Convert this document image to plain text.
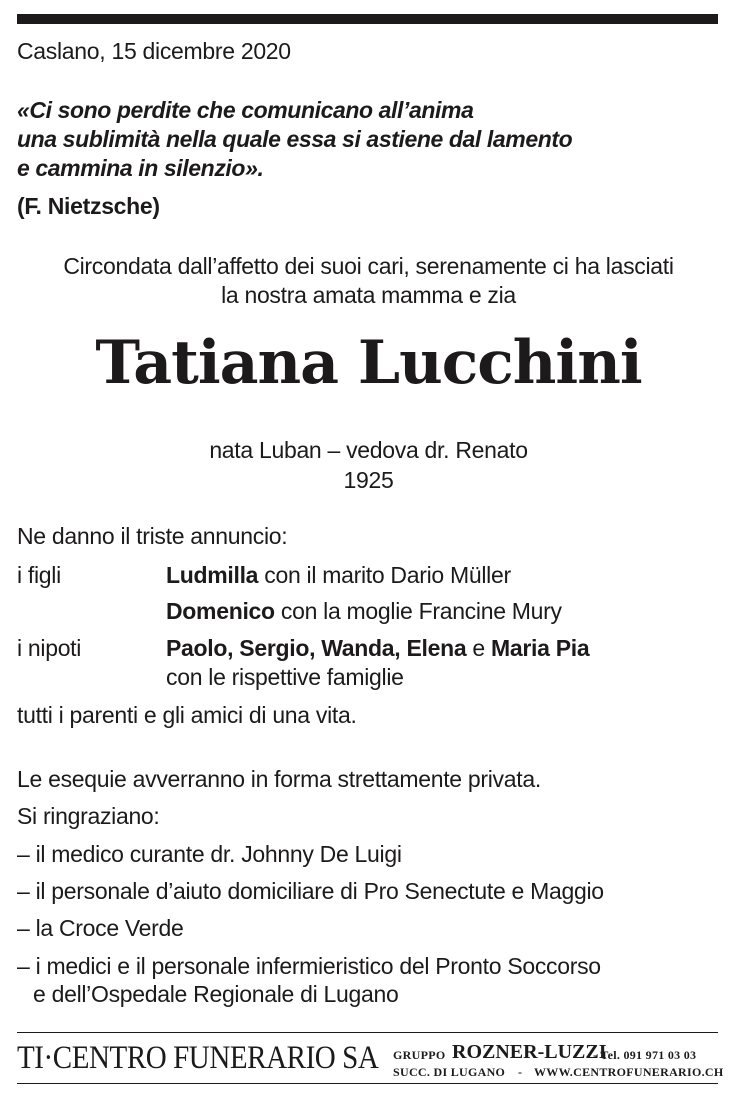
Caslano, 15 dicembre 2020
«Ci sono perdite che comunicano all’anima
una sublimità nella quale essa si astiene dal lamento
e cammina in silenzio».
(F. Nietzsche)
Circondata dall’affetto dei suoi cari, serenamente ci ha lasciati
la nostra amata mamma e zia
Tatiana Lucchini
nata Luban – vedova dr. Renato
1925
Ne danno il triste annuncio:
i figli	Ludmilla con il marito Dario Müller
Domenico con la moglie Francine Mury
i nipoti	Paolo, Sergio, Wanda, Elena e Maria Pia
con le rispettive famiglie
tutti i parenti e gli amici di una vita.
Le esequie avverranno in forma strettamente privata.
Si ringraziano:
– il medico curante dr. Johnny De Luigi
– il personale d’aiuto domiciliare di Pro Senectute e Maggio
– la Croce Verde
– i medici e il personale infermieristico del Pronto Soccorso
e dell’Ospedale Regionale di Lugano
TI·CENTRO FUNERARIO SA GRUPPO ROZNER-LUZZI
- Tel. 091 971 03 03
SUCC. DI LUGANO - WWW.CENTROFUNERARIO.CH
